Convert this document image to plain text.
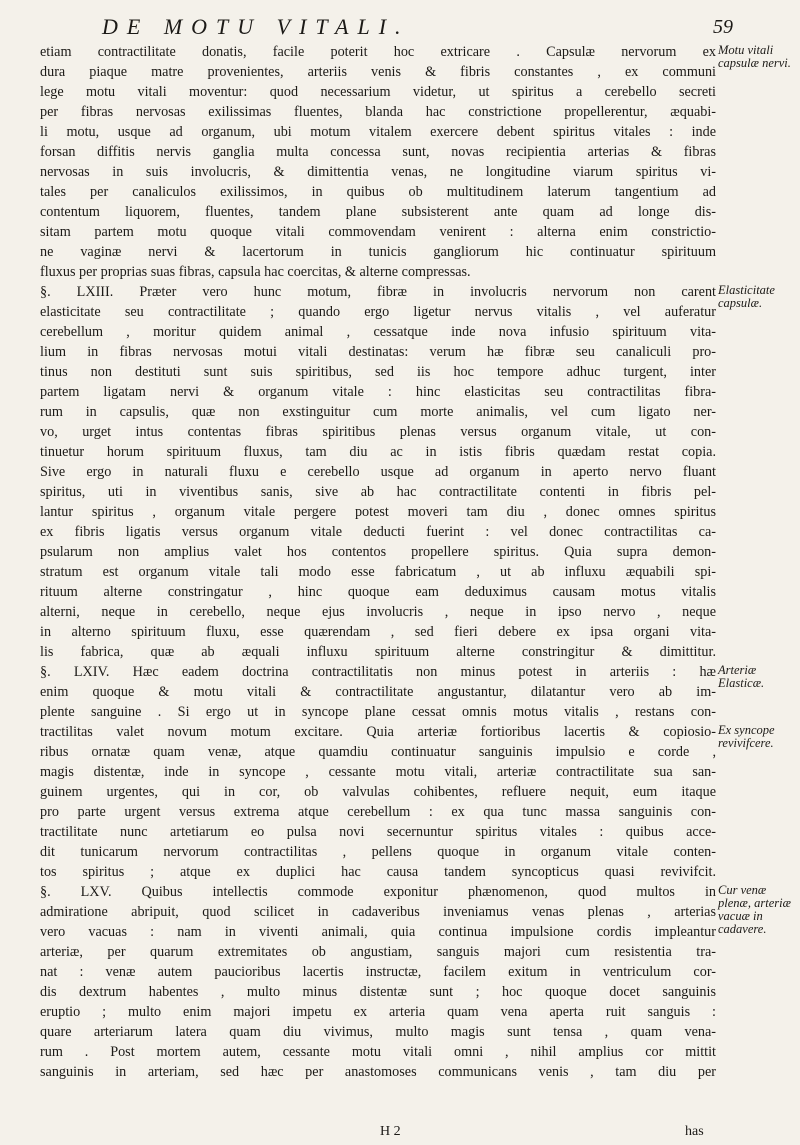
DE MOTU VITALI.	59
etiam contractilitate donatis, facile poterit hoc extricare . Capsulæ nervorum ex
dura piaque matre provenientes, arteriis venis & fibris constantes , ex communi
lege motu vitali moventur: quod necessarium videtur, ut spiritus a cerebello secreti
per fibras nervosas exilissimas fluentes, blanda hac constrictione propellerentur, æquabi-
li motu, usque ad organum, ubi motum vitalem exercere debent spiritus vitales : inde
forsan diffitis nervis ganglia multa concessa sunt, novas recipientia arterias & fibras
nervosas in suis involucris, & dimittentia venas, ne longitudine viarum spiritus vi-
tales per canaliculos exilissimos, in quibus ob multitudinem laterum tangentium ad
contentum liquorem, fluentes, tandem plane subsisterent ante quam ad longe dis-
sitam partem motu quoque vitali commovendam venirent : alterna enim constrictio-
ne vaginæ nervi & lacertorum in tunicis gangliorum hic continuatur spirituum
fluxus per proprias suas fibras, capsula hac coercitas, & alterne compressas.
§. LXIII. Præter vero hunc motum, fibræ in involucris nervorum non carent
elasticitate seu contractilitate ; quando ergo ligetur nervus vitalis , vel auferatur
cerebellum , moritur quidem animal , cessatque inde nova infusio spirituum vita-
lium in fibras nervosas motui vitali destinatas: verum hæ fibræ seu canaliculi pro-
tinus non destituti sunt suis spiritibus, sed iis hoc tempore adhuc turgent, inter
partem ligatam nervi & organum vitale : hinc elasticitas seu contractilitas fibra-
rum in capsulis, quæ non exstinguitur cum morte animalis, vel cum ligato ner-
vo, urget intus contentas fibras spiritibus plenas versus organum vitale, ut con-
tinuetur horum spirituum fluxus, tam diu ac in istis fibris quædam restat copia.
Sive ergo in naturali fluxu e cerebello usque ad organum in aperto nervo fluant
spiritus, uti in viventibus sanis, sive ab hac contractilitate contenti in fibris pel-
lantur spiritus , organum vitale pergere potest moveri tam diu , donec omnes spiritus
ex fibris ligatis versus organum vitale deducti fuerint : vel donec contractilitas ca-
psularum non amplius valet hos contentos propellere spiritus. Quia supra demon-
stratum est organum vitale tali modo esse fabricatum , ut ab influxu æquabili spi-
rituum alterne constringatur , hinc quoque eam deduximus causam motus vitalis
alterni, neque in cerebello, neque ejus involucris , neque in ipso nervo , neque
in alterno spirituum fluxu, esse quærendam , sed fieri debere ex ipsa organi vita-
lis fabrica, quæ ab æquali influxu spirituum alterne constringitur & dimittitur.
§. LXIV. Hæc eadem doctrina contractilitatis non minus potest in arteriis : hæ
enim quoque & motu vitali & contractilitate angustantur, dilatantur vero ab im-
plente sanguine . Si ergo ut in syncope plane cessat omnis motus vitalis , restans con-
tractilitas valet novum motum excitare. Quia arteriæ fortioribus lacertis & copiosio-
ribus ornatæ quam venæ, atque quamdiu continuatur sanguinis impulsio e corde ,
magis distentæ, inde in syncope , cessante motu vitali, arteriæ contractilitate sua san-
guinem urgentes, qui in cor, ob valvulas cohibentes, refluere nequit, eum itaque
pro parte urgent versus extrema atque cerebellum : ex qua tunc massa sanguinis con-
tractilitate nunc artetiarum eo pulsa novi secernuntur spiritus vitales : quibus acce-
dit tunicarum nervorum contractilitas , pellens quoque in organum vitale conten-
tos spiritus ; atque ex duplici hac causa tandem syncopticus quasi revivifcit.
§. LXV. Quibus intellectis commode exponitur phænomenon, quod multos in
admiratione abripuit, quod scilicet in cadaveribus inveniamus venas plenas , arterias
vero vacuas : nam in viventi animali, quia continua impulsione cordis impleantur
arteriæ, per quarum extremitates ob angustiam, sanguis majori cum resistentia tra-
nat : venæ autem paucioribus lacertis instructæ, facilem exitum in ventriculum cor-
dis dextrum habentes , multo minus distentæ sunt ; hoc quoque docet sanguinis
eruptio ; multo enim majori impetu ex arteria quam vena aperta ruit sanguis :
quare arteriarum latera quam diu vivimus, multo magis sunt tensa , quam vena-
rum . Post mortem autem, cessante motu vitali omni , nihil amplius cor mittit
sanguinis in arteriam, sed hæc per anastomoses communicans venis , tam diu per
Motu vitali capsulæ nervi.
Elasticitate capsulæ.
Arteriæ Elasticæ.
Ex syncope revivifcere.
Cur venæ plenæ, arteriæ vacuæ in cadavere.
H 2	has
